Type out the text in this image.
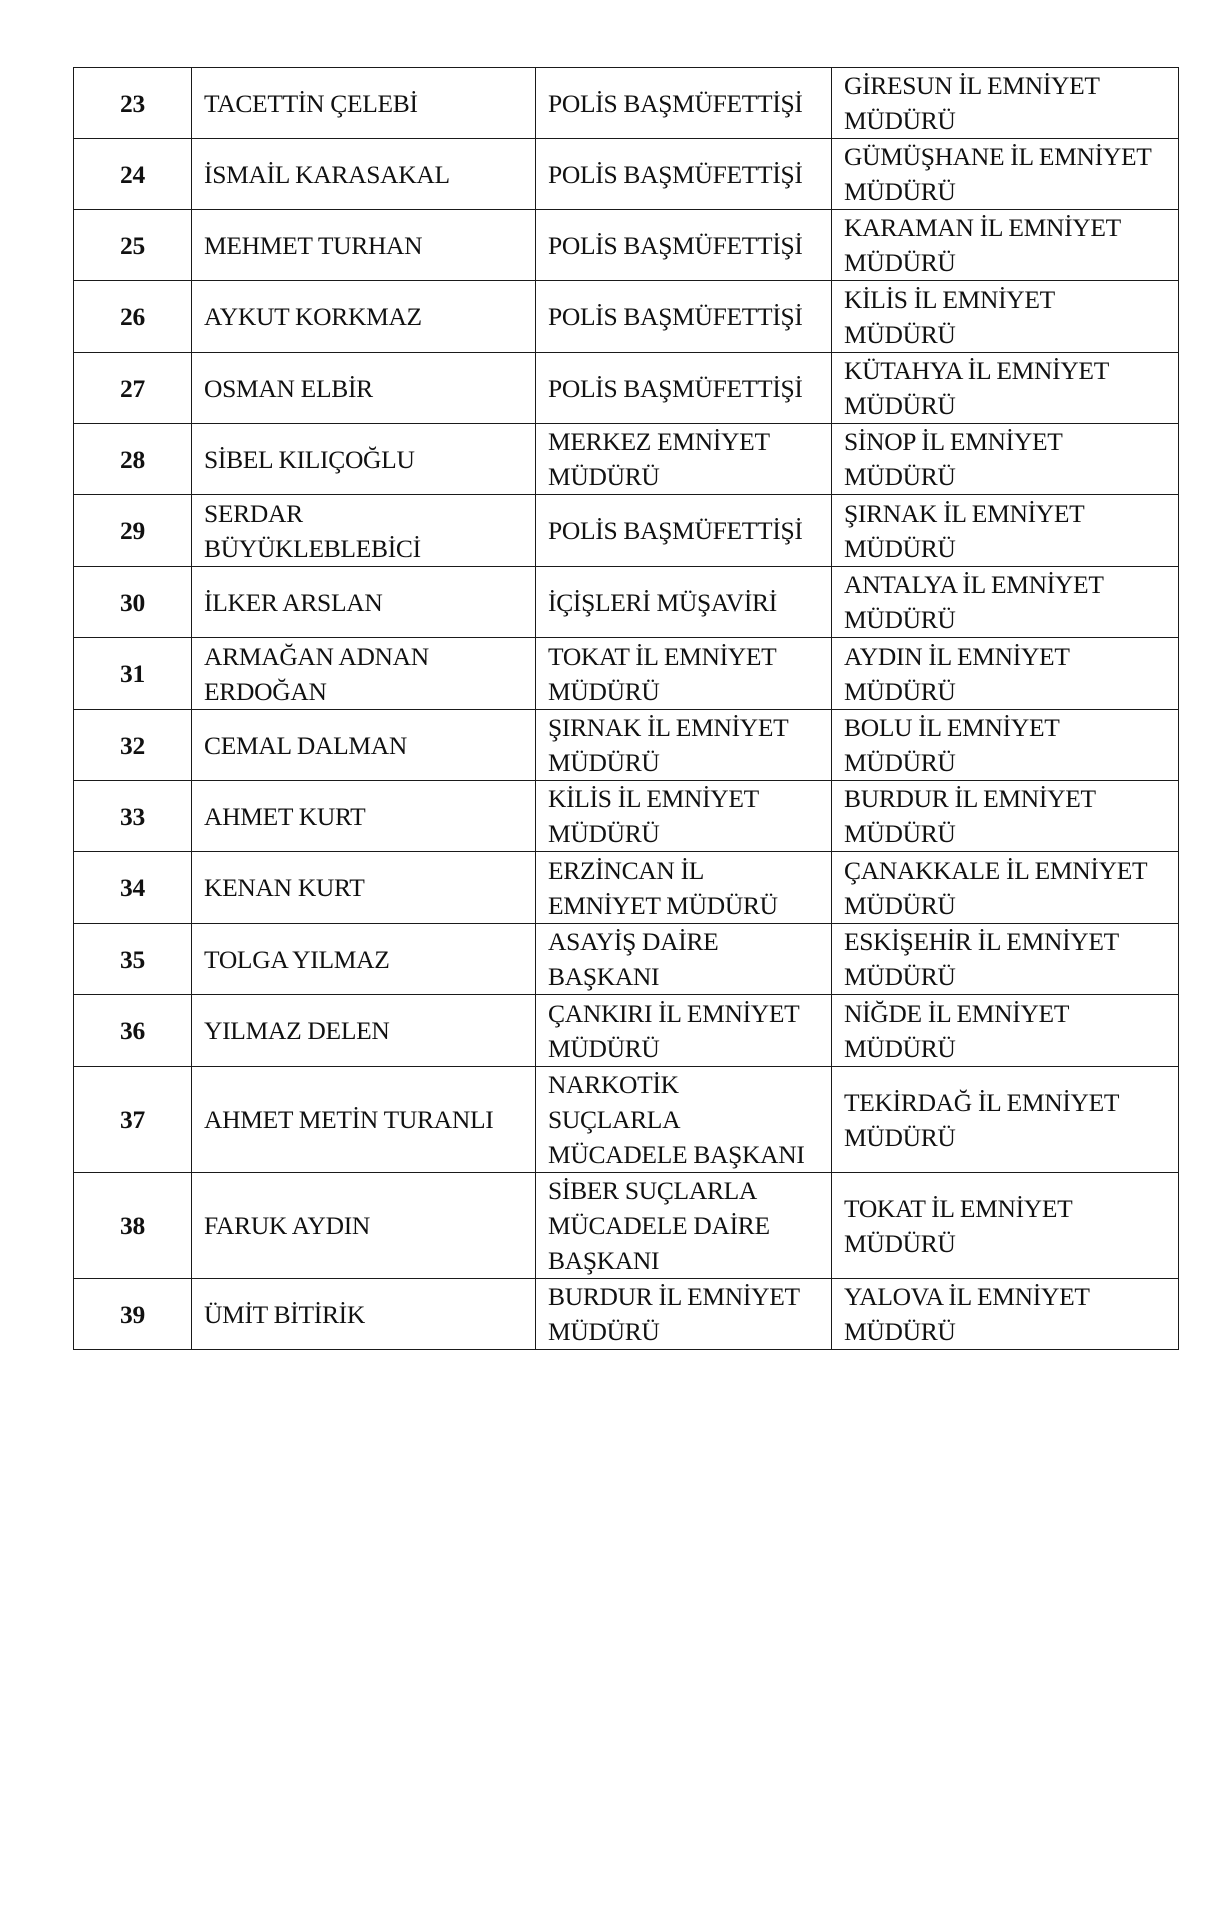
23	TACETTİN ÇELEBİ	POLİS BAŞMÜFETTİŞİ	GİRESUN İL EMNİYET
MÜDÜRÜ

24	İSMAİL KARASAKAL	POLİS BAŞMÜFETTİŞİ	GÜMÜŞHANE İL EMNİYET
MÜDÜRÜ

25	MEHMET TURHAN	POLİS BAŞMÜFETTİŞİ	KARAMAN İL EMNİYET
MÜDÜRÜ

26	AYKUT KORKMAZ	POLİS BAŞMÜFETTİŞİ	KİLİS İL EMNİYET
MÜDÜRÜ

27	OSMAN ELBİR	POLİS BAŞMÜFETTİŞİ	KÜTAHYA İL EMNİYET
MÜDÜRÜ

28	SİBEL KILIÇOĞLU	MERKEZ EMNİYET
MÜDÜRÜ	SİNOP İL EMNİYET
MÜDÜRÜ

29	SERDAR
BÜYÜKLEBLEBİCİ	POLİS BAŞMÜFETTİŞİ	ŞIRNAK İL EMNİYET
MÜDÜRÜ

30	İLKER ARSLAN	İÇİŞLERİ MÜŞAVİRİ	ANTALYA İL EMNİYET
MÜDÜRÜ

31	ARMAĞAN ADNAN
ERDOĞAN	TOKAT İL EMNİYET
MÜDÜRÜ	AYDIN İL EMNİYET
MÜDÜRÜ

32	CEMAL DALMAN	ŞIRNAK İL EMNİYET
MÜDÜRÜ	BOLU İL EMNİYET
MÜDÜRÜ

33	AHMET KURT	KİLİS İL EMNİYET
MÜDÜRÜ	BURDUR İL EMNİYET
MÜDÜRÜ

34	KENAN KURT	ERZİNCAN İL
EMNİYET MÜDÜRÜ	ÇANAKKALE İL EMNİYET
MÜDÜRÜ

35	TOLGA YILMAZ	ASAYİŞ DAİRE
BAŞKANI	ESKİŞEHİR İL EMNİYET
MÜDÜRÜ

36	YILMAZ DELEN	ÇANKIRI İL EMNİYET
MÜDÜRÜ	NİĞDE İL EMNİYET
MÜDÜRÜ

37	AHMET METİN TURANLI	NARKOTİK
SUÇLARLA
MÜCADELE BAŞKANI	TEKİRDAĞ İL EMNİYET
MÜDÜRÜ

38	FARUK AYDIN	SİBER SUÇLARLA
MÜCADELE DAİRE
BAŞKANI	TOKAT İL EMNİYET
MÜDÜRÜ

39	ÜMİT BİTİRİK	BURDUR İL EMNİYET
MÜDÜRÜ	YALOVA İL EMNİYET
MÜDÜRÜ
